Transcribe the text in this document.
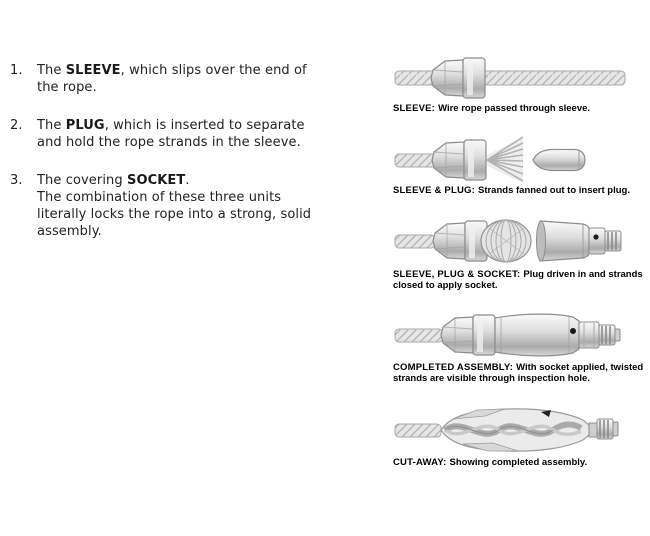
1.	The SLEEVE, which slips over the end of the rope.
2.	The PLUG, which is inserted to separate and hold the rope strands in the sleeve.
3.	The covering SOCKET.
The combination of these three units literally locks the rope into a strong, solid assembly.
SLEEVE: Wire rope passed through sleeve.
SLEEVE & PLUG: Strands fanned out to insert plug.
SLEEVE, PLUG & SOCKET: Plug driven in and strands closed to apply socket.
COMPLETED ASSEMBLY: With socket applied, twisted strands are visible through inspection hole.
CUT-AWAY: Showing completed assembly.
